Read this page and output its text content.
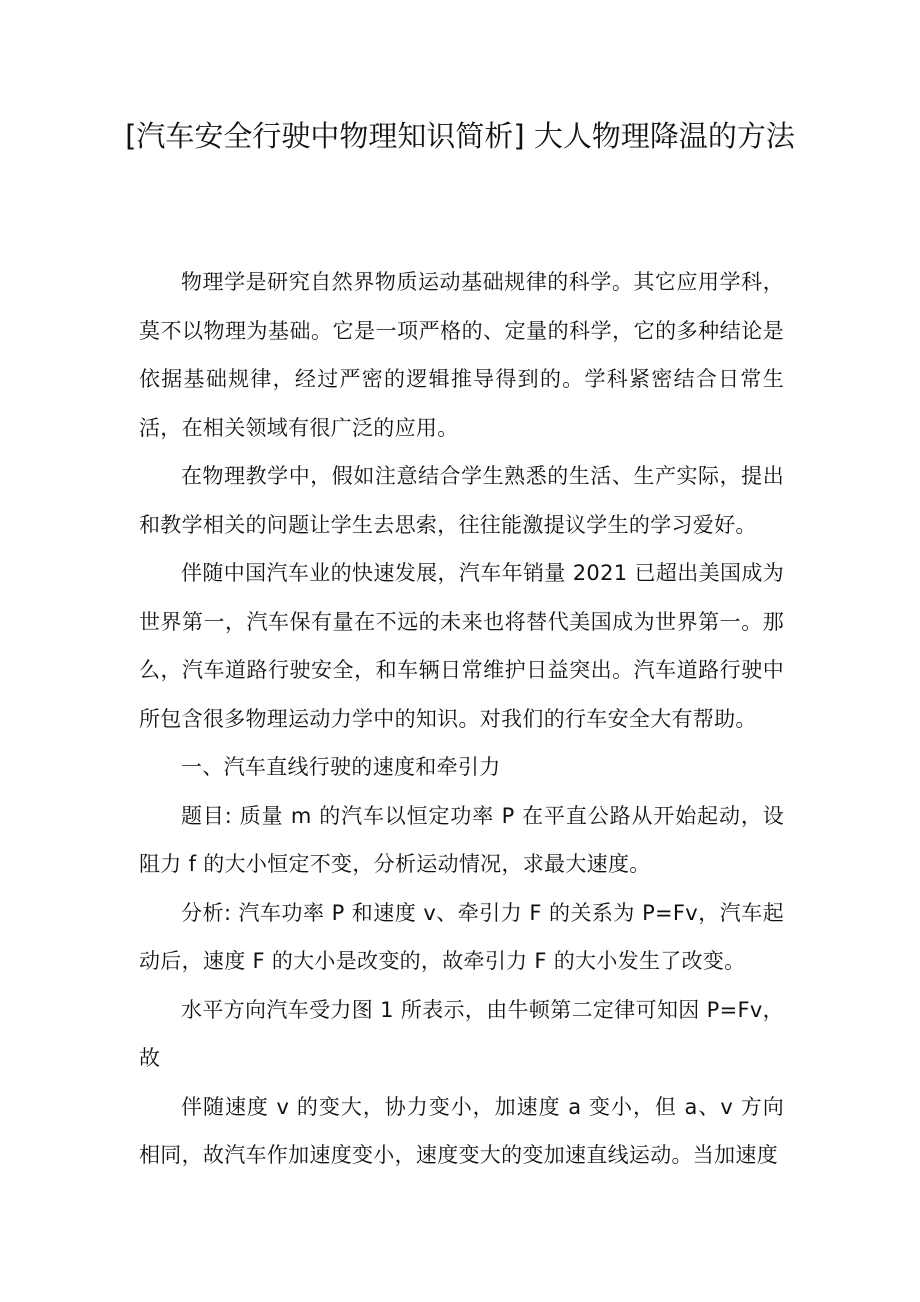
[汽车安全行驶中物理知识简析] 大人物理降温的方法

物理学是研究自然界物质运动基础规律的科学。其它应用学科，莫不以物理为基础。它是一项严格的、定量的科学，它的多种结论是依据基础规律，经过严密的逻辑推导得到的。学科紧密结合日常生活，在相关领域有很广泛的应用。

在物理教学中，假如注意结合学生熟悉的生活、生产实际，提出和教学相关的问题让学生去思索，往往能激提议学生的学习爱好。

伴随中国汽车业的快速发展，汽车年销量 2021 已超出美国成为世界第一，汽车保有量在不远的未来也将替代美国成为世界第一。那么，汽车道路行驶安全，和车辆日常维护日益突出。汽车道路行驶中所包含很多物理运动力学中的知识。对我们的行车安全大有帮助。

一、汽车直线行驶的速度和牵引力

题目: 质量 m 的汽车以恒定功率 P 在平直公路从开始起动，设阻力 f 的大小恒定不变，分析运动情况，求最大速度。

分析: 汽车功率 P 和速度 v、牵引力 F 的关系为 P=Fv，汽车起动后，速度 F 的大小是改变的，故牵引力 F 的大小发生了改变。

水平方向汽车受力图 1 所表示，由牛顿第二定律可知因 P=Fv，故

伴随速度 v 的变大，协力变小，加速度 a 变小，但 a、v 方向相同，故汽车作加速度变小，速度变大的变加速直线运动。当加速度
